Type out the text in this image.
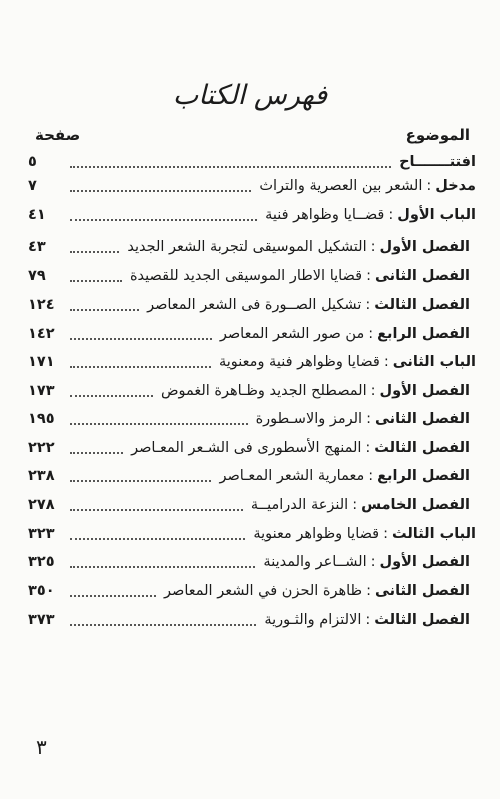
فهرس الكتاب
الموضوع
صفحة
افتتـــــــاح
٥
مدخل
:
الشعر بين العصرية والتراث
٧
الباب الأول
:
قضــايا وظواهر فنية
٤١
الفصل الأول
:
التشكيل الموسيقى لتجربة الشعر الجديد
٤٣
الفصل الثانى
:
قضايا الاطار الموسيقى الجديد للقصيدة
٧٩
الفصل الثالث
:
تشكيل الصــورة فى الشعر المعاصر
١٢٤
الفصل الرابع
:
من صور الشعر المعاصر
١٤٢
الباب الثانى
:
قضايا وظواهر فنية ومعنوية
١٧١
الفصل الأول
:
المصطلح الجديد وظـاهرة الغموض
١٧٣
الفصل الثانى
:
الرمز والاسـطورة
١٩٥
الفصل الثالث
:
المنهج الأسطورى فى الشـعر المعـاصر
٢٢٢
الفصل الرابع
:
معمارية الشعر المعـاصر
٢٣٨
الفصل الخامس
:
النزعة الدراميــة
٢٧٨
الباب الثالث
:
قضايا وظواهر معنوية
٣٢٣
الفصل الأول
:
الشــاعر والمدينة
٣٢٥
الفصل الثانى
:
ظاهرة الحزن في الشعر المعاصر
٣٥٠
الفصل الثالث
:
الالتزام والثـورية
٣٧٣
٣
